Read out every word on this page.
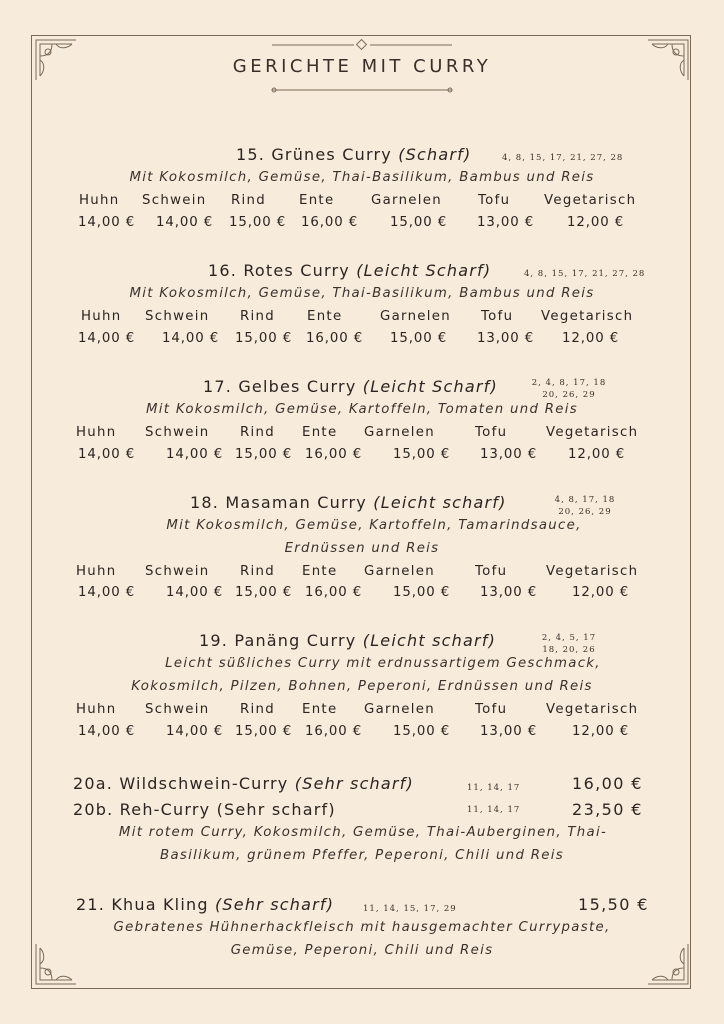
GERICHTE MIT CURRY
15. Grünes Curry (Scharf)	4, 8, 15, 17, 21, 27, 28
Mit Kokosmilch, Gemüse, Thai-Basilikum, Bambus und Reis
Huhn Schwein Rind Ente	Garnelen	Tofu	Vegetarisch
14,00 € 14,00 € 15,00 € 16,00 € 15,00 € 13,00 € 12,00 €
16. Rotes Curry (Leicht Scharf)	4, 8, 15, 17, 21, 27, 28
Mit Kokosmilch, Gemüse, Thai-Basilikum, Bambus und Reis
Huhn Schwein Rind Ente	Garnelen Tofu Vegetarisch
14,00 € 14,00 € 15,00 € 16,00 € 15,00 € 13,00 € 12,00 €
17. Gelbes Curry (Leicht Scharf)	2, 4, 8, 17, 18
20, 26, 29
Mit Kokosmilch, Gemüse, Kartoffeln, Tomaten und Reis
Huhn Schwein Rind Ente Garnelen	Tofu	Vegetarisch
14,00 € 14,00 € 15,00 € 16,00 € 15,00 € 13,00 € 12,00 €
18. Masaman Curry (Leicht scharf)	4, 8, 17, 18
20, 26, 29
Mit Kokosmilch, Gemüse, Kartoffeln, Tamarindsauce,
Erdnüssen und Reis
Huhn Schwein Rind Ente Garnelen	Tofu	Vegetarisch
14,00 € 14,00 € 15,00 € 16,00 € 15,00 € 13,00 €	12,00 €
19. Panäng Curry (Leicht scharf)	2, 4, 5, 17
18, 20, 26
Leicht süßliches Curry mit erdnussartigem Geschmack,
Kokosmilch, Pilzen, Bohnen, Peperoni, Erdnüssen und Reis
Huhn Schwein Rind Ente Garnelen	Tofu	Vegetarisch
14,00 € 14,00 € 15,00 € 16,00 € 15,00 € 13,00 €	12,00 €
20a. Wildschwein-Curry (Sehr scharf)	11, 14, 17	16,00 €
20b. Reh-Curry (Sehr scharf)	11, 14, 17	23,50 €
Mit rotem Curry, Kokosmilch, Gemüse, Thai-Auberginen, Thai-
Basilikum, grünem Pfeffer, Peperoni, Chili und Reis
21. Khua Kling (Sehr scharf)	11, 14, 15, 17, 29	15,50 €
Gebratenes Hühnerhackfleisch mit hausgemachter Currypaste,
Gemüse, Peperoni, Chili und Reis
